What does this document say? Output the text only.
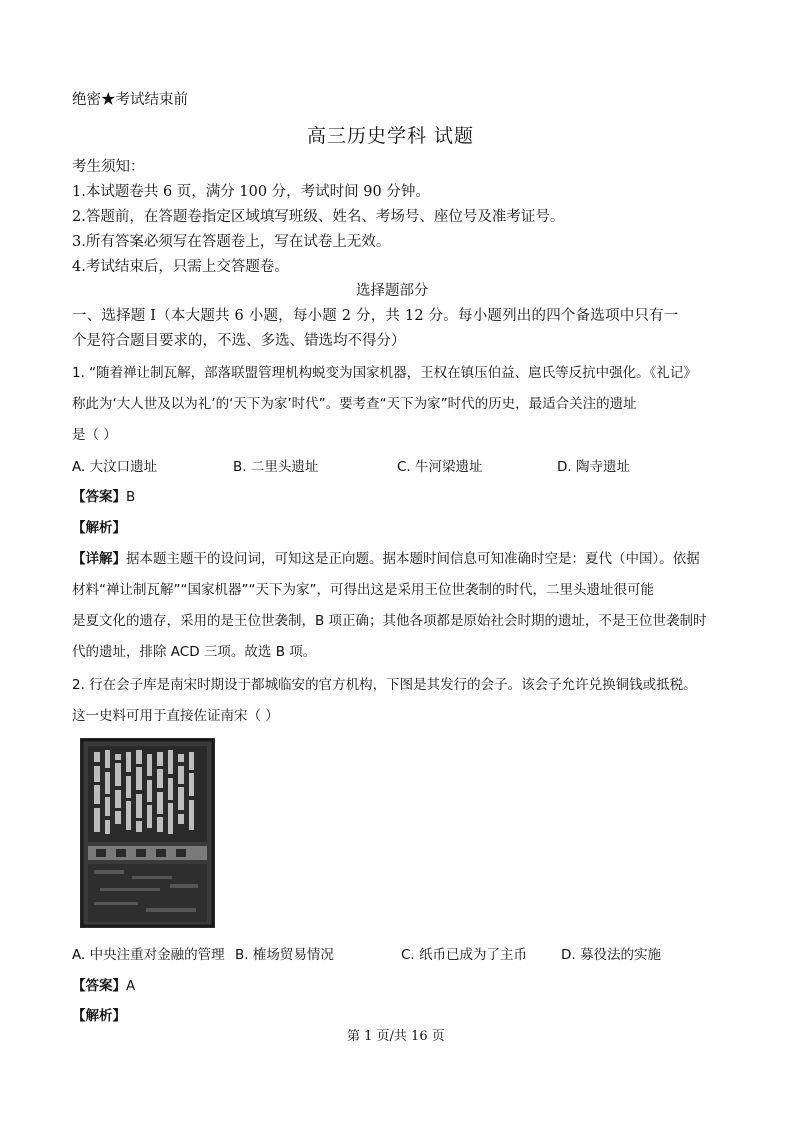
绝密★考试结束前
高三历史学科 试题
考生须知：
1.本试题卷共 6 页，满分 100 分，考试时间 90 分钟。
2.答题前，在答题卷指定区域填写班级、姓名、考场号、座位号及准考证号。
3.所有答案必须写在答题卷上，写在试卷上无效。
4.考试结束后，只需上交答题卷。
选择题部分
一、选择题 I（本大题共 6 小题，每小题 2 分，共 12 分。每小题列出的四个备选项中只有一
个是符合题目要求的，不选、多选、错选均不得分）
1. “随着禅让制瓦解，部落联盟管理机构蜕变为国家机器，王权在镇压伯益、扈氏等反抗中强化。《礼记》
称此为‘大人世及以为礼’的‘天下为家’时代”。要考查“天下为家”时代的历史，最适合关注的遗址
是（ ）
A. 大汶口遗址	B. 二里头遗址	C. 牛河梁遗址	D. 陶寺遗址
【答案】B
【解析】
【详解】据本题主题干的设问词，可知这是正向题。据本题时间信息可知准确时空是：夏代（中国）。依据
材料“禅让制瓦解”“国家机器”“天下为家”，可得出这是采用王位世袭制的时代，二里头遗址很可能
是夏文化的遗存，采用的是王位世袭制，B 项正确；其他各项都是原始社会时期的遗址，不是王位世袭制时
代的遗址，排除 ACD 三项。故选 B 项。
2. 行在会子库是南宋时期设于都城临安的官方机构，下图是其发行的会子。该会子允许兑换铜钱或抵税。
这一史料可用于直接佐证南宋（ ）
A. 中央注重对金融的管理 B. 榷场贸易情况	C. 纸币已成为了主币	D. 募役法的实施
【答案】A
【解析】
第 1 页/共 16 页
